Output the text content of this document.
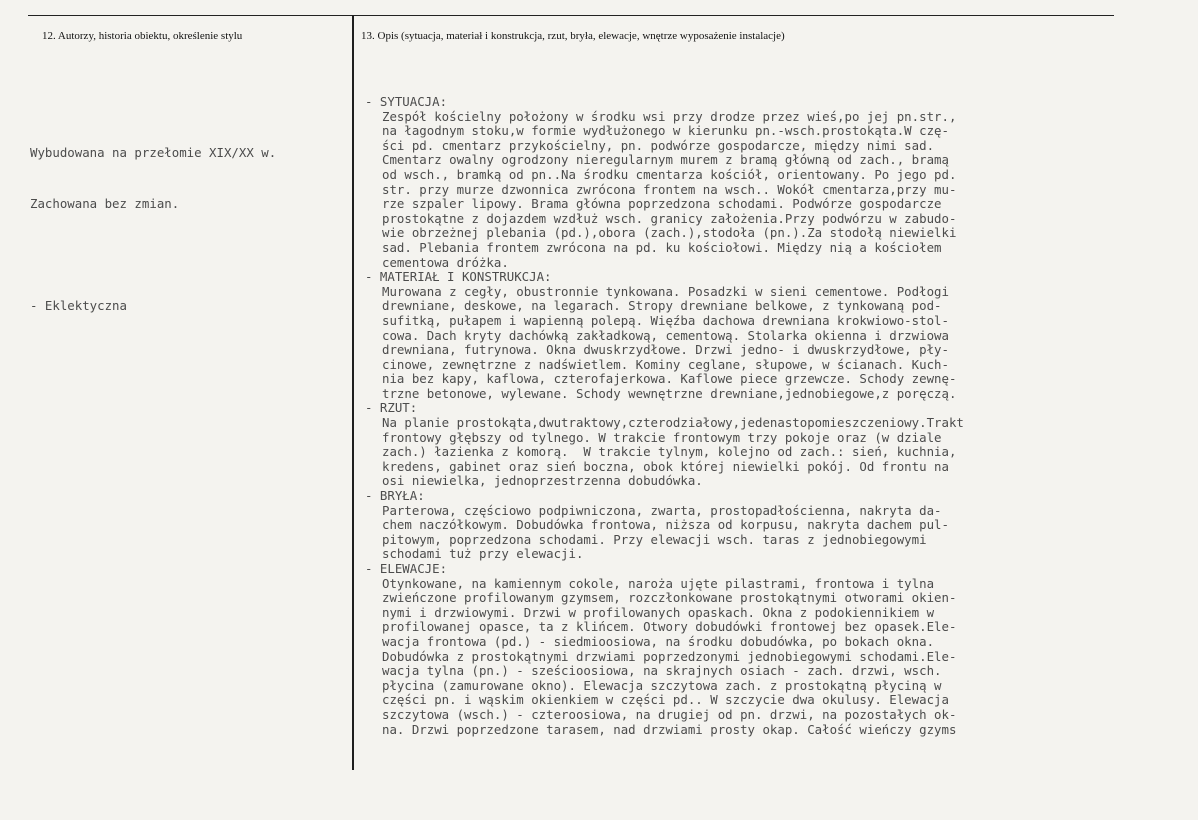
12. Autorzy, historia obiektu, określenie stylu	13. Opis (sytuacja, materiał i konstrukcja, rzut, bryła, elewacje, wnętrze wyposażenie instalacje)

Wybudowana na przełomie XIX/XX w.

Zachowana bez zmian.

- Eklektyczna

- SYTUACJA:
Zespół kościelny położony w środku wsi przy drodze przez wieś,po jej pn.str.,
na łagodnym stoku,w formie wydłużonego w kierunku pn.-wsch.prostokąta.W czę-
ści pd. cmentarz przykościelny, pn. podwórze gospodarcze, między nimi sad.
Cmentarz owalny ogrodzony nieregularnym murem z bramą główną od zach., bramą
od wsch., bramką od pn..Na środku cmentarza kościół, orientowany. Po jego pd.
str. przy murze dzwonnica zwrócona frontem na wsch.. Wokół cmentarza,przy mu-
rze szpaler lipowy. Brama główna poprzedzona schodami. Podwórze gospodarcze
prostokątne z dojazdem wzdłuż wsch. granicy założenia.Przy podwórzu w zabudo-
wie obrzeżnej plebania (pd.),obora (zach.),stodoła (pn.).Za stodołą niewielki
sad. Plebania frontem zwrócona na pd. ku kościołowi. Między nią a kościołem
cementowa dróżka.
- MATERIAŁ I KONSTRUKCJA:
Murowana z cegły, obustronnie tynkowana. Posadzki w sieni cementowe. Podłogi
drewniane, deskowe, na legarach. Stropy drewniane belkowe, z tynkowaną pod-
sufitką, pułapem i wapienną polepą. Więźba dachowa drewniana krokwiowo-stol-
cowa. Dach kryty dachówką zakładkową, cementową. Stolarka okienna i drzwiowa
drewniana, futrynowa. Okna dwuskrzydłowe. Drzwi jedno- i dwuskrzydłowe, pły-
cinowe, zewnętrzne z nadświetlem. Kominy ceglane, słupowe, w ścianach. Kuch-
nia bez kapy, kaflowa, czterofajerkowa. Kaflowe piece grzewcze. Schody zewnę-
trzne betonowe, wylewane. Schody wewnętrzne drewniane,jednobiegowe,z poręczą.
- RZUT:
Na planie prostokąta,dwutraktowy,czterodziałowy,jedenastopomieszczeniowy.Trakt
frontowy głębszy od tylnego. W trakcie frontowym trzy pokoje oraz (w dziale
zach.) łazienka z komorą.  W trakcie tylnym, kolejno od zach.: sień, kuchnia,
kredens, gabinet oraz sień boczna, obok której niewielki pokój. Od frontu na
osi niewielka, jednoprzestrzenna dobudówka.
- BRYŁA:
Parterowa, częściowo podpiwniczona, zwarta, prostopadłościenna, nakryta da-
chem naczółkowym. Dobudówka frontowa, niższa od korpusu, nakryta dachem pul-
pitowym, poprzedzona schodami. Przy elewacji wsch. taras z jednobiegowymi
schodami tuż przy elewacji.
- ELEWACJE:
Otynkowane, na kamiennym cokole, naroża ujęte pilastrami, frontowa i tylna
zwieńczone profilowanym gzymsem, rozczłonkowane prostokątnymi otworami okien-
nymi i drzwiowymi. Drzwi w profilowanych opaskach. Okna z podokiennikiem w
profilowanej opasce, ta z klińcem. Otwory dobudówki frontowej bez opasek.Ele-
wacja frontowa (pd.) - siedmioosiowa, na środku dobudówka, po bokach okna.
Dobudówka z prostokątnymi drzwiami poprzedzonymi jednobiegowymi schodami.Ele-
wacja tylna (pn.) - sześcioosiowa, na skrajnych osiach - zach. drzwi, wsch.
płycina (zamurowane okno). Elewacja szczytowa zach. z prostokątną płyciną w
części pn. i wąskim okienkiem w części pd.. W szczycie dwa okulusy. Elewacja
szczytowa (wsch.) - czteroosiowa, na drugiej od pn. drzwi, na pozostałych ok-
na. Drzwi poprzedzone tarasem, nad drzwiami prosty okap. Całość wieńczy gzyms
